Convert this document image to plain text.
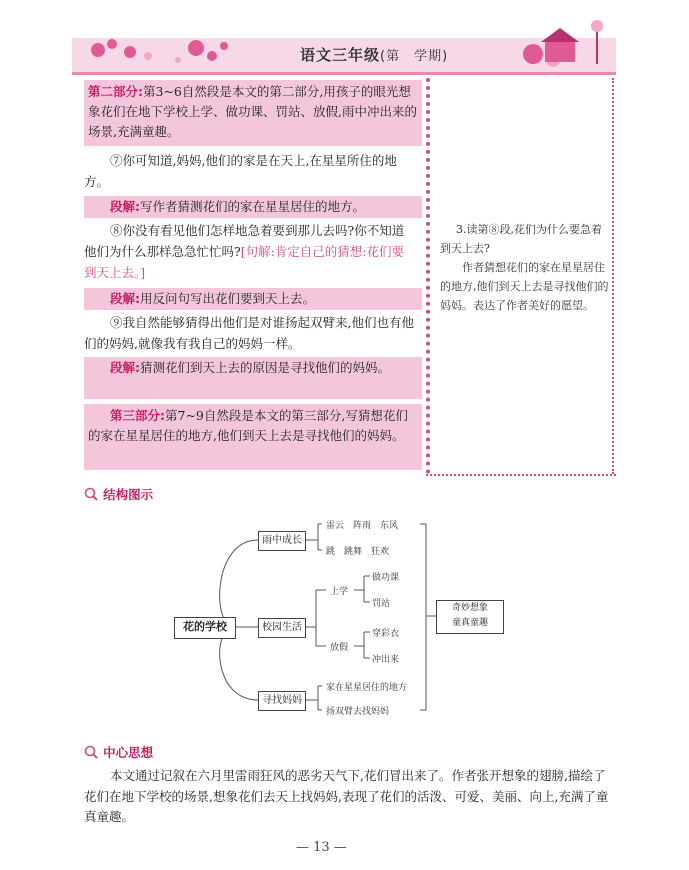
语文三年级(第　学期)
3.读第⑧段,花们为什么要急着到天上去?
作者猜想花们的家在星星居住的地方,他们到天上去是寻找他们的妈妈。表达了作者美好的愿望。
第二部分:第3~6自然段是本文的第二部分,用孩子的眼光想象花们在地下学校上学、做功课、罚站、放假,雨中冲出来的场景,充满童趣。
⑦你可知道,妈妈,他们的家是在天上,在星星所住的地方。
段解:写作者猜测花们的家在星星居住的地方。
⑧你没有看见他们怎样地急着要到那儿去吗?你不知道他们为什么那样急急忙忙吗?[句解:肯定自己的猜想:花们要到天上去。]
段解:用反问句写出花们要到天上去。
⑨我自然能够猜得出他们是对谁扬起双臂来,他们也有他们的妈妈,就像我有我自己的妈妈一样。
段解:猜测花们到天上去的原因是寻找他们的妈妈。
第三部分:第7~9自然段是本文的第三部分,写猜想花们的家在星星居住的地方,他们到天上去是寻找他们的妈妈。
结构图示
花的学校
雨中成长
校园生活
寻找妈妈
雷云　阵雨　东风
跳　跳舞　狂欢
上学
放假
做功课
罚站
穿彩衣
冲出来
家在星星居住的地方
扬双臂去找妈妈
奇妙想象
童真童趣
中心思想
本文通过记叙在六月里雷雨狂风的恶劣天气下,花们冒出来了。作者张开想象的翅膀,描绘了花们在地下学校的场景,想象花们去天上找妈妈,表现了花们的活泼、可爱、美丽、向上,充满了童真童趣。
— 13 —
